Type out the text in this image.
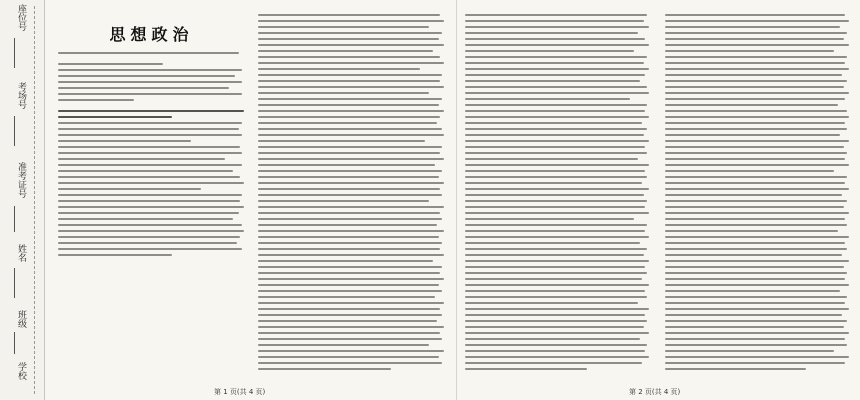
座位号
考场号
准考证号
姓名
班级
学校
思想政治
第 1 页(共 4 页)	第 2 页(共 4 页)
